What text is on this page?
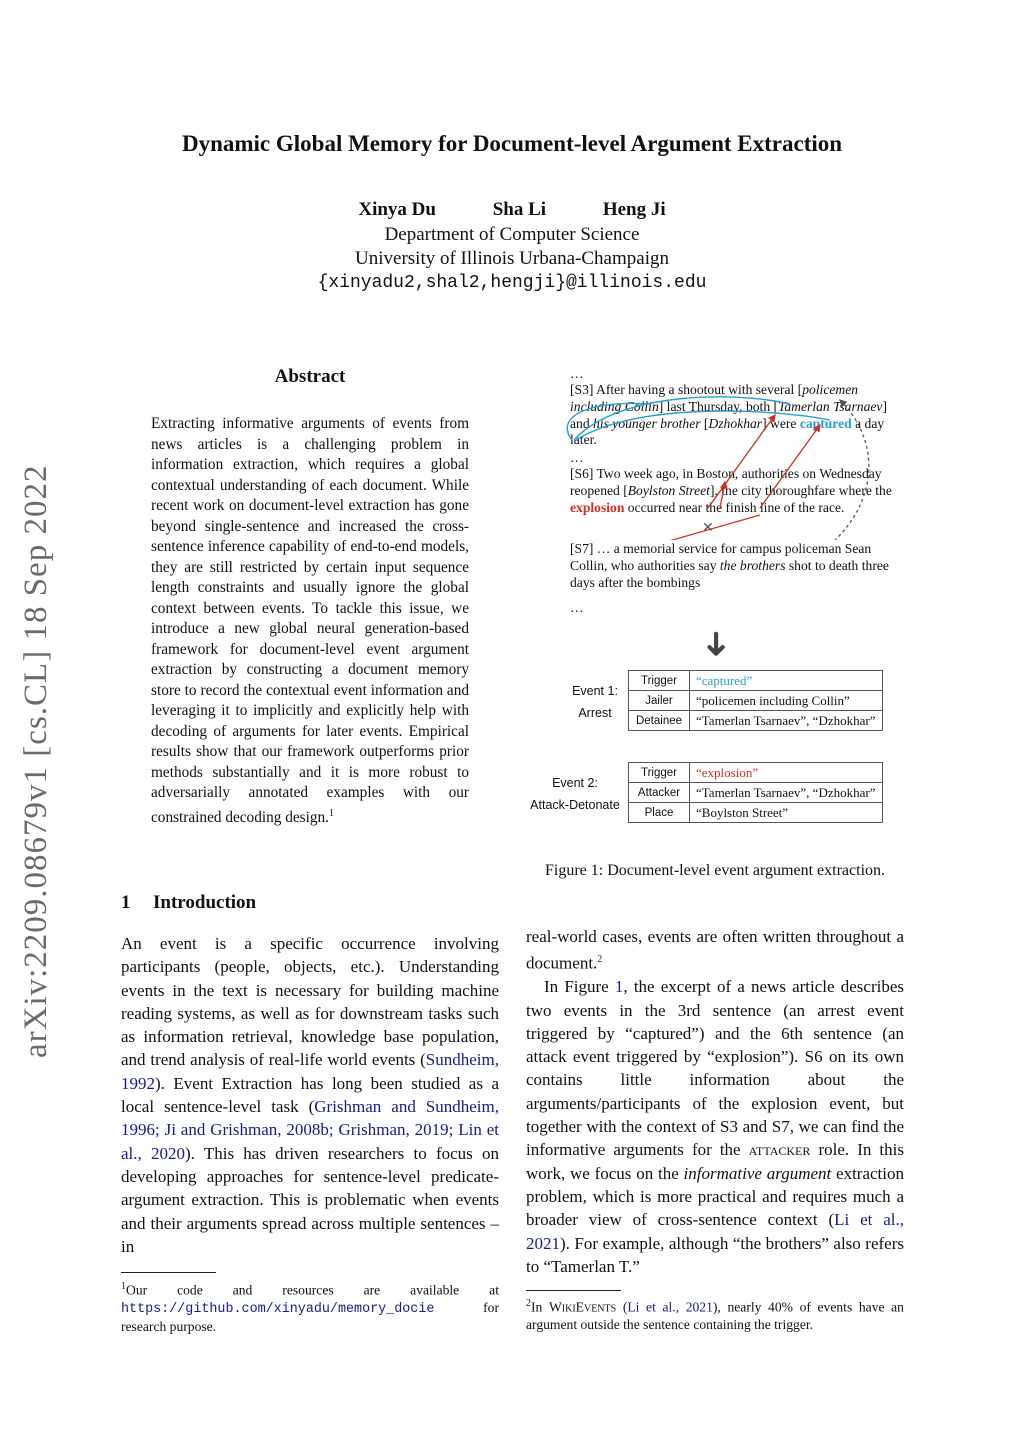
Dynamic Global Memory for Document-level Argument Extraction
Xinya Du	Sha Li	Heng Ji
Department of Computer Science
University of Illinois Urbana-Champaign
{xinyadu2,shal2,hengji}@illinois.edu
arXiv:2209.08679v1 [cs.CL] 18 Sep 2022
Abstract
Extracting informative arguments of events from news articles is a challenging problem in information extraction, which requires a global contextual understanding of each document. While recent work on document-level extraction has gone beyond single-sentence and increased the cross-sentence inference capability of end-to-end models, they are still restricted by certain input sequence length constraints and usually ignore the global context between events. To tackle this issue, we introduce a new global neural generation-based framework for document-level event argument extraction by constructing a document memory store to record the contextual event information and leveraging it to implicitly and explicitly help with decoding of arguments for later events. Empirical results show that our framework outperforms prior methods substantially and it is more robust to adversarially annotated examples with our constrained decoding design.$^1$
1 Introduction

An event is a specific occurrence involving participants (people, objects, etc.). Understanding events in the text is necessary for building machine reading systems, as well as for downstream tasks such as information retrieval, knowledge base population, and trend analysis of real-life world events (Sundheim, 1992). Event Extraction has long been studied as a local sentence-level task (Grishman and Sundheim, 1996; Ji and Grishman, 2008b; Grishman, 2019; Lin et al., 2020). This has driven researchers to focus on developing approaches for sentence-level predicate-argument extraction. This is problematic when events and their arguments spread across multiple sentences – in

$^1$Our code and resources are available at https://github.com/xinyadu/memory_docie for research purpose.

real-world cases, events are often written throughout a document.$^2$

In Figure 1, the excerpt of a news article describes two events in the 3rd sentence (an arrest event triggered by “captured”) and the 6th sentence (an attack event triggered by “explosion”). S6 on its own contains little information about the arguments/participants of the explosion event, but together with the context of S3 and S7, we can find the informative arguments for the attacker role. In this work, we focus on the informative argument extraction problem, which is more practical and requires much a broader view of cross-sentence context (Li et al., 2021). For example, although “the brothers” also refers to “Tamerlan T.”

$^2$In WikiEvents (Li et al., 2021), nearly 40% of events have an argument outside the sentence containing the trigger.
…
[S3] After having a shootout with several [policemen including Collin] last Thursday, both [Tamerlan Tsarnaev] and his younger brother [Dzhokhar] were captured a day later.
…
[S6] Two week ago, in Boston, authorities on Wednesday reopened [Boylston Street], the city thoroughfare where the explosion occurred near the finish line of the race.
[S7] … a memorial service for campus policeman Sean Collin, who authorities say the brothers shot to death three days after the bombings
…
✕
➜
Event 1:
Arrest
Trigger	“captured”
Jailer	“policemen including Collin”
Detainee	“Tamerlan Tsarnaev”, “Dzhokhar”
Event 2:
Attack-Detonate
Trigger	“explosion”
Attacker	“Tamerlan Tsarnaev”, “Dzhokhar”
Place	“Boylston Street”
Figure 1: Document-level event argument extraction.
